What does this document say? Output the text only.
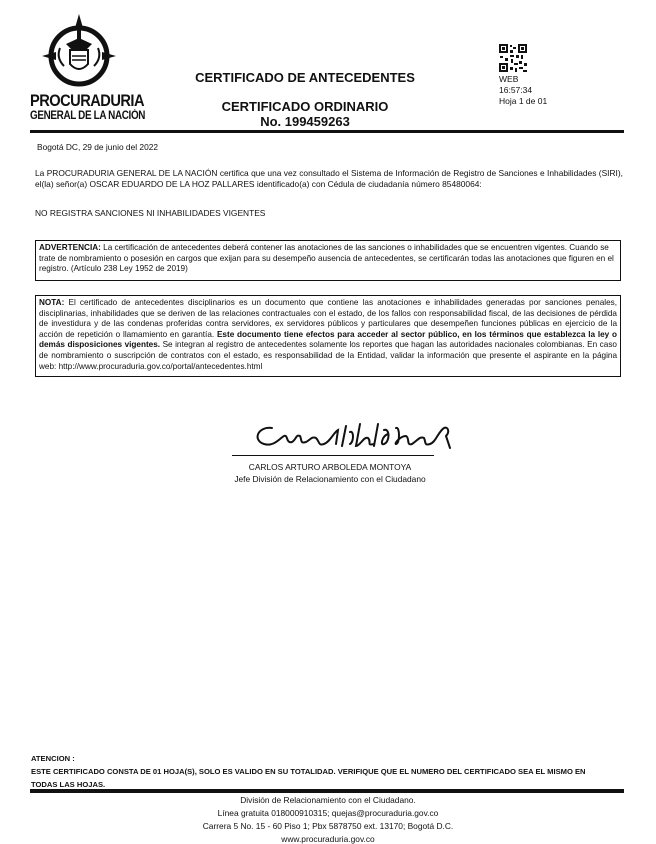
PROCURADURIA
GENERAL DE LA NACIÓN
CERTIFICADO DE ANTECEDENTES
CERTIFICADO ORDINARIO
No. 199459263
WEB
16:57:34
Hoja 1 de 01
Bogotá DC, 29 de junio del 2022
La PROCURADURIA GENERAL DE LA NACIÓN certifica que una vez consultado el Sistema de Información de Registro de Sanciones e Inhabilidades (SIRI), el(la) señor(a) OSCAR EDUARDO DE LA HOZ PALLARES identificado(a) con Cédula de ciudadanía número 85480064:
NO REGISTRA SANCIONES NI INHABILIDADES VIGENTES
ADVERTENCIA: La certificación de antecedentes deberá contener las anotaciones de las sanciones o inhabilidades que se encuentren vigentes. Cuando se trate de nombramiento o posesión en cargos que exijan para su desempeño ausencia de antecedentes, se certificarán todas las anotaciones que figuren en el registro. (Artículo 238 Ley 1952 de 2019)
NOTA: El certificado de antecedentes disciplinarios es un documento que contiene las anotaciones e inhabilidades generadas por sanciones penales, disciplinarias, inhabilidades que se deriven de las relaciones contractuales con el estado, de los fallos con responsabilidad fiscal, de las decisiones de pérdida de investidura y de las condenas proferidas contra servidores, ex servidores públicos y particulares que desempeñen funciones públicas en ejercicio de la acción de repetición o llamamiento en garantía. Este documento tiene efectos para acceder al sector público, en los términos que establezca la ley o demás disposiciones vigentes. Se integran al registro de antecedentes solamente los reportes que hagan las autoridades nacionales colombianas. En caso de nombramiento o suscripción de contratos con el estado, es responsabilidad de la Entidad, validar la información que presente el aspirante en la página web: http://www.procuraduria.gov.co/portal/antecedentes.html
CARLOS ARTURO ARBOLEDA MONTOYA
Jefe División de Relacionamiento con el Ciudadano
ATENCION :
ESTE CERTIFICADO CONSTA DE 01 HOJA(S), SOLO ES VALIDO EN SU TOTALIDAD. VERIFIQUE QUE EL NUMERO DEL CERTIFICADO SEA EL MISMO EN TODAS LAS HOJAS.
División de Relacionamiento con el Ciudadano.
Línea gratuita 018000910315; quejas@procuraduria.gov.co
Carrera 5 No. 15 - 60 Piso 1; Pbx 5878750 ext. 13170; Bogotá D.C.
www.procuraduria.gov.co
